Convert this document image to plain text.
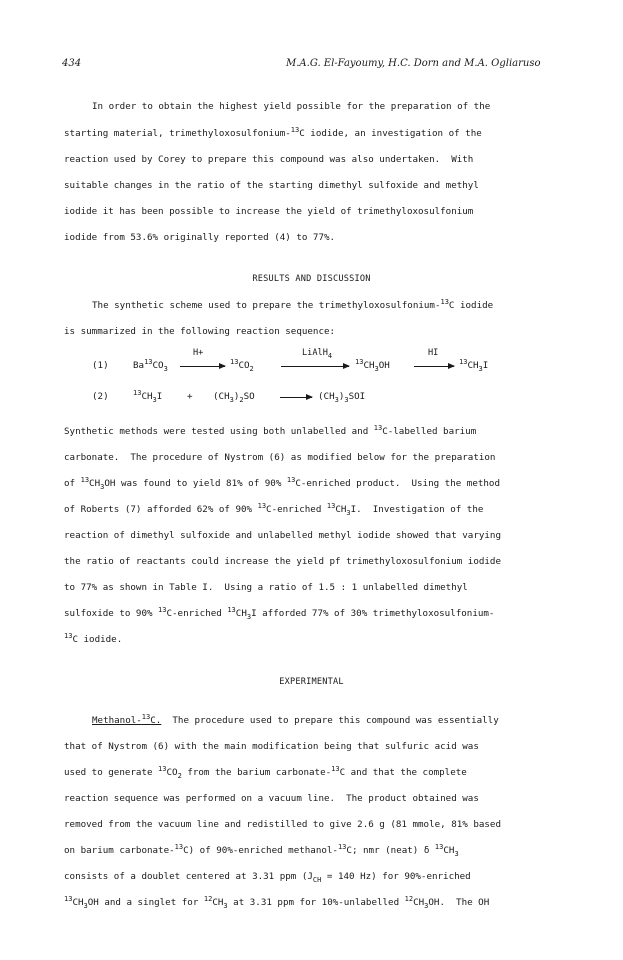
434	M.A.G. El-Fayoumy, H.C. Dorn and M.A. Ogliaruso
In order to obtain the highest yield possible for the preparation of the
starting material, trimethyloxosulfonium-$^{13}$C iodide, an investigation of the
reaction used by Corey to prepare this compound was also undertaken.  With
suitable changes in the ratio of the starting dimethyl sulfoxide and methyl
iodide it has been possible to increase the yield of trimethyloxosulfonium
iodide from 53.6% originally reported (4) to 77%.
RESULTS AND DISCUSSION
The synthetic scheme used to prepare the trimethyloxosulfonium-$^{13}$C iodide
is summarized in the following reaction sequence:
(1)	$Ba^{13}CO_3$
H+
$^{13}CO_2$
LiAlH$_4$
$^{13}CH_3OH$
HI
$^{13}CH_3I$
(2)	$^{13}CH_3I$	+ $(CH_3)_2SO \to (CH_3)_3SOI$
Synthetic methods were tested using both unlabelled and $^{13}$C-labelled barium
carbonate.  The procedure of Nystrom (6) as modified below for the preparation
of $^{13}CH_3OH$ was found to yield 81% of 90% $^{13}$C-enriched product.  Using the method
of Roberts (7) afforded 62% of 90% $^{13}$C-enriched $^{13}CH_3I$.  Investigation of the
reaction of dimethyl sulfoxide and unlabelled methyl iodide showed that varying
the ratio of reactants could increase the yield pf trimethyloxosulfonium iodide
to 77% as shown in Table I.  Using a ratio of 1.5 : 1 unlabelled dimethyl
sulfoxide to 90% $^{13}$C-enriched $^{13}CH_3I$ afforded 77% of 30% trimethyloxosulfonium-
$^{13}$C iodide.
EXPERIMENTAL
Methanol-$^{13}$C.  The procedure used to prepare this compound was essentially
that of Nystrom (6) with the main modification being that sulfuric acid was
used to generate $^{13}CO_2$ from the barium carbonate-$^{13}$C and that the complete
reaction sequence was performed on a vacuum line.  The product obtained was
removed from the vacuum line and redistilled to give 2.6 g (81 mmole, 81% based
on barium carbonate-$^{13}$C) of 90%-enriched methanol-$^{13}$C; nmr (neat) δ $^{13}CH_3$
consists of a doublet centered at 3.31 ppm ($J_{CH} = 140$ Hz) for 90%-enriched
$^{13}CH_3OH$ and a singlet for $^{12}CH_3$ at 3.31 ppm for 10%-unlabelled $^{12}CH_3OH$.  The OH
